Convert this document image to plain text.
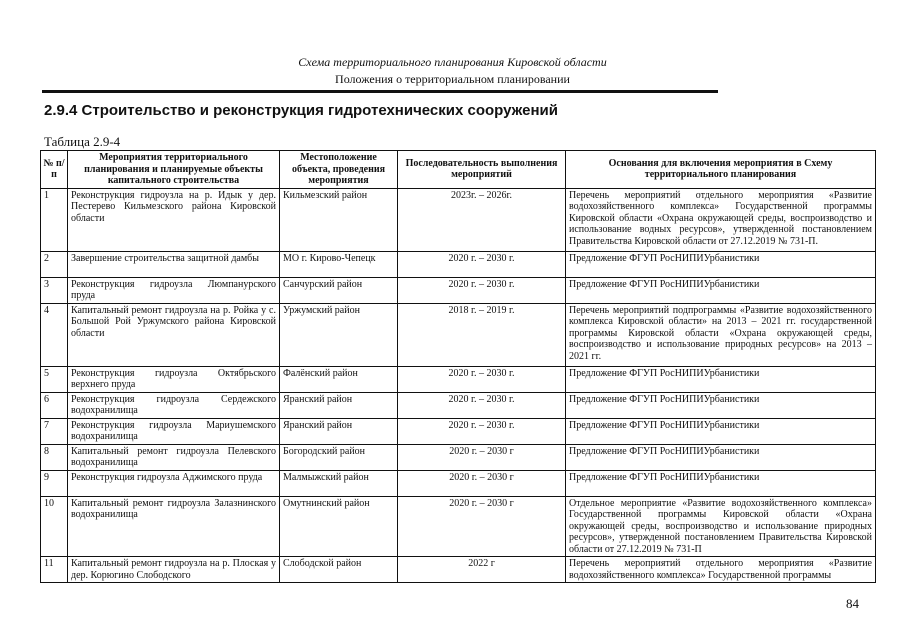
Схема территориального планирования Кировской области
Положения о территориальном планировании
2.9.4 Строительство и реконструкция гидротехнических сооружений
Таблица 2.9-4
№ п/п	Мероприятия территориального планирования и планируемые объекты капитального строительства	Местоположение объекта, проведения мероприятия	Последовательность выполнения мероприятий	Основания для включения мероприятия в Схему территориального планирования
1	Реконструкция гидроузла на р. Идык у дер. Пестерево Кильмезского района Кировской области	Кильмезский район	2023г. – 2026г.	Перечень мероприятий отдельного мероприятия «Развитие водохозяйственного комплекса» Государственной программы Кировской области «Охрана окружающей среды, воспроизводство и использование водных ресурсов», утвержденной постановлением Правительства Кировской области от 27.12.2019 № 731-П.
2	Завершение строительства защитной дамбы	МО г. Кирово-Чепецк	2020 г. – 2030 г.	Предложение ФГУП РосНИПИУрбанистики
3	Реконструкция гидроузла Люмпанурского пруда	Санчурский район	2020 г. – 2030 г.	Предложение ФГУП РосНИПИУрбанистики
4	Капитальный ремонт гидроузла на р. Ройка у с. Большой Рой Уржумского района Кировской области	Уржумский район	2018 г. – 2019 г.	Перечень мероприятий подпрограммы «Развитие водохозяйственного комплекса Кировской области» на 2013 – 2021 гг. государственной программы Кировской области «Охрана окружающей среды, воспроизводство и использование природных ресурсов» на 2013 – 2021 гг.
5	Реконструкция гидроузла Октябрьского верхнего пруда	Фалёнский район	2020 г. – 2030 г.	Предложение ФГУП РосНИПИУрбанистики
6	Реконструкция гидроузла Сердежского водохранилища	Яранский район	2020 г. – 2030 г.	Предложение ФГУП РосНИПИУрбанистики
7	Реконструкция гидроузла Мариушемского водохранилища	Яранский район	2020 г. – 2030 г.	Предложение ФГУП РосНИПИУрбанистики
8	Капитальный ремонт гидроузла Пелевского водохранилища	Богородский район	2020 г. – 2030 г	Предложение ФГУП РосНИПИУрбанистики
9	Реконструкция гидроузла Аджимского пруда	Малмыжский район	2020 г. – 2030 г	Предложение ФГУП РосНИПИУрбанистики
10	Капитальный ремонт гидроузла Залазнинского водохранилища	Омутнинский район	2020 г. – 2030 г	Отдельное мероприятие «Развитие водохозяйственного комплекса» Государственной программы Кировской области «Охрана окружающей среды, воспроизводство и использование природных ресурсов», утвержденной постановлением Правительства Кировской области от 27.12.2019 № 731-П
11	Капитальный ремонт гидроузла на р. Плоская у дер. Корюгино Слободского	Слободской район	2022 г	Перечень мероприятий отдельного мероприятия «Развитие водохозяйственного комплекса» Государственной программы
84
